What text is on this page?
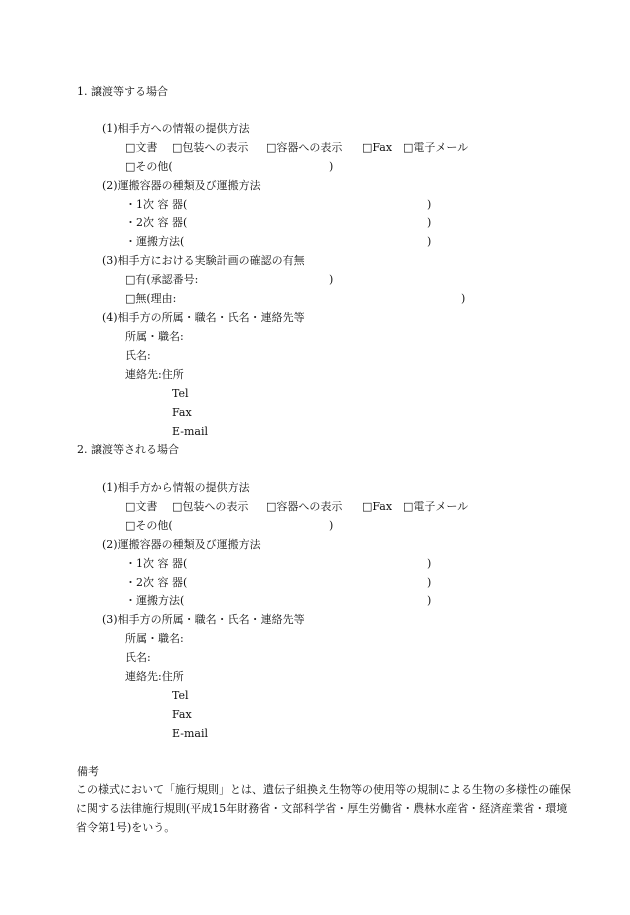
1. 譲渡等する場合
(1)相手方への情報の提供方法
□文書 □包装への表示 □容器への表示 □Fax □電子メール
□その他(	)
(2)運搬容器の種類及び運搬方法
・1次 容 器(	)
・2次 容 器(	)
・運搬方法(	)
(3)相手方における実験計画の確認の有無
□有(承認番号:	)
□無(理由:	)
(4)相手方の所属・職名・氏名・連絡先等
所属・職名:
氏名:
連絡先:住所
Tel
Fax
E-mail
2. 譲渡等される場合
(1)相手方から情報の提供方法
□文書 □包装への表示 □容器への表示 □Fax □電子メール
□その他(	)
(2)運搬容器の種類及び運搬方法
・1次 容 器(	)
・2次 容 器(	)
・運搬方法(	)
(3)相手方の所属・職名・氏名・連絡先等
所属・職名:
氏名:
連絡先:住所
Tel
Fax
E-mail
備考
この様式において「施行規則」とは、遺伝子組換え生物等の使用等の規制による生物の多様性の確保に関する法律施行規則(平成15年財務省・文部科学省・厚生労働省・農林水産省・経済産業省・環境省令第1号)をいう。
